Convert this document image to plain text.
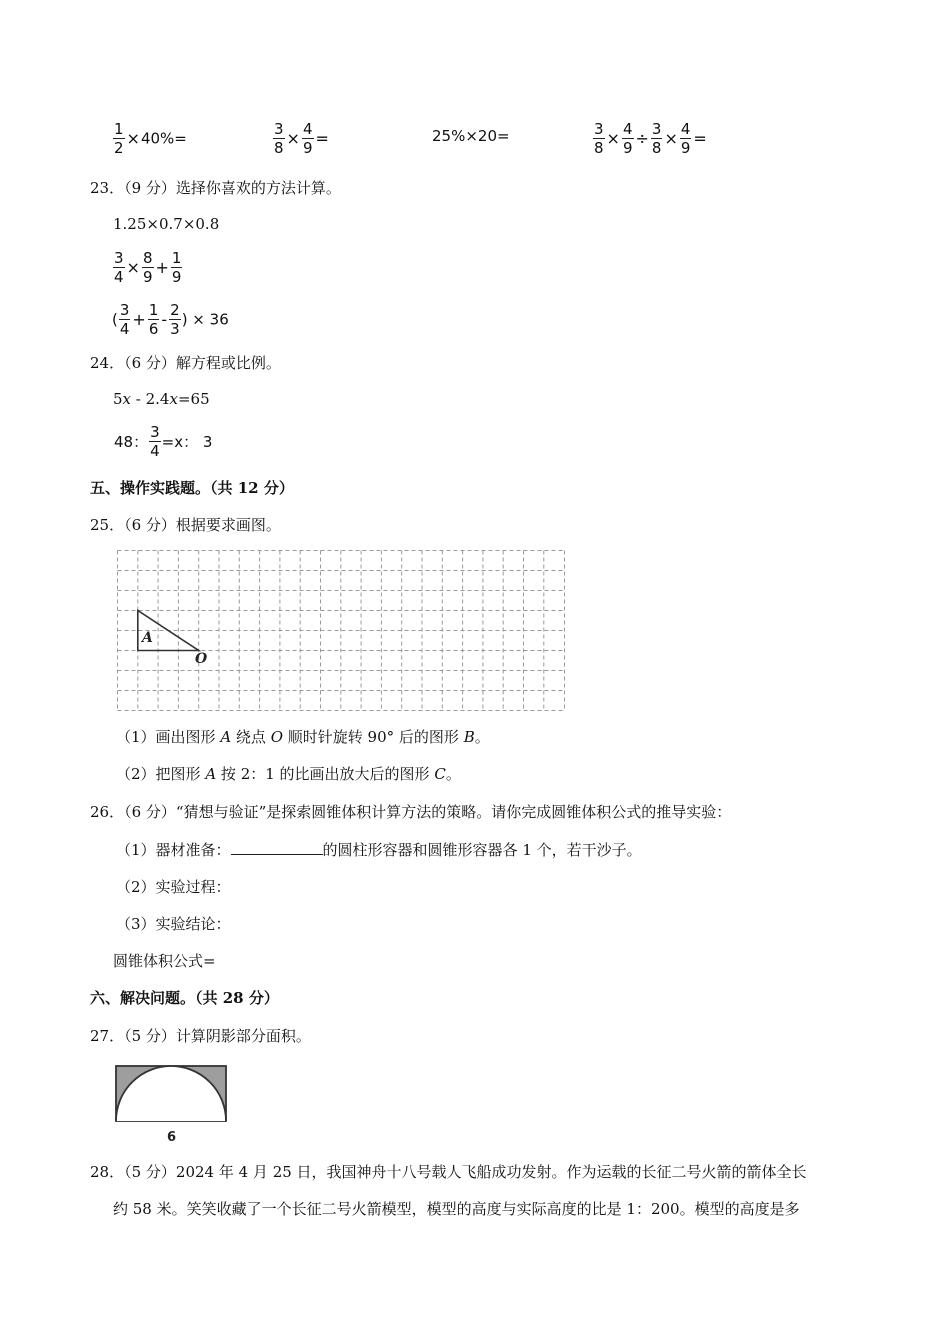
$\frac{1}{2} \times 40\%=$	$\frac{3}{8} \times \frac{4}{9}$ =	25%×20=	$\frac{3}{8} \times \frac{4}{9} \div \frac{3}{8} \times \frac{4}{9}$ =
23．（9 分）选择你喜欢的方法计算。
1.25×0.7×0.8
$\frac{3}{4} \times \frac{8}{9} + \frac{1}{9}$
( $\frac{3}{4} + \frac{1}{6} - \frac{2}{3}$ ) × 36
24．（6 分）解方程或比例。
5x - 2.4x=65
48： $\frac{3}{4} =x$： 3
五、操作实践题。（共 12 分）
25．（6 分）根据要求画图。
A
O
（1）画出图形 A 绕点 O 顺时针旋转 90° 后的图形 B。
（2）把图形 A 按 2：1 的比画出放大后的图形 C。
26．（6 分）“猜想与验证”是探索圆锥体积计算方法的策略。请你完成圆锥体积公式的推导实验：
（1）器材准备：	的圆柱形容器和圆锥形容器各 1 个，若干沙子。
（2）实验过程：
（3）实验结论：
圆锥体积公式=
六、解决问题。（共 28 分）
27．（5 分）计算阴影部分面积。
6
28．（5 分）2024 年 4 月 25 日，我国神舟十八号载人飞船成功发射。作为运载的长征二号火箭的箭体全长
约 58 米。笑笑收藏了一个长征二号火箭模型，模型的高度与实际高度的比是 1：200。模型的高度是多
